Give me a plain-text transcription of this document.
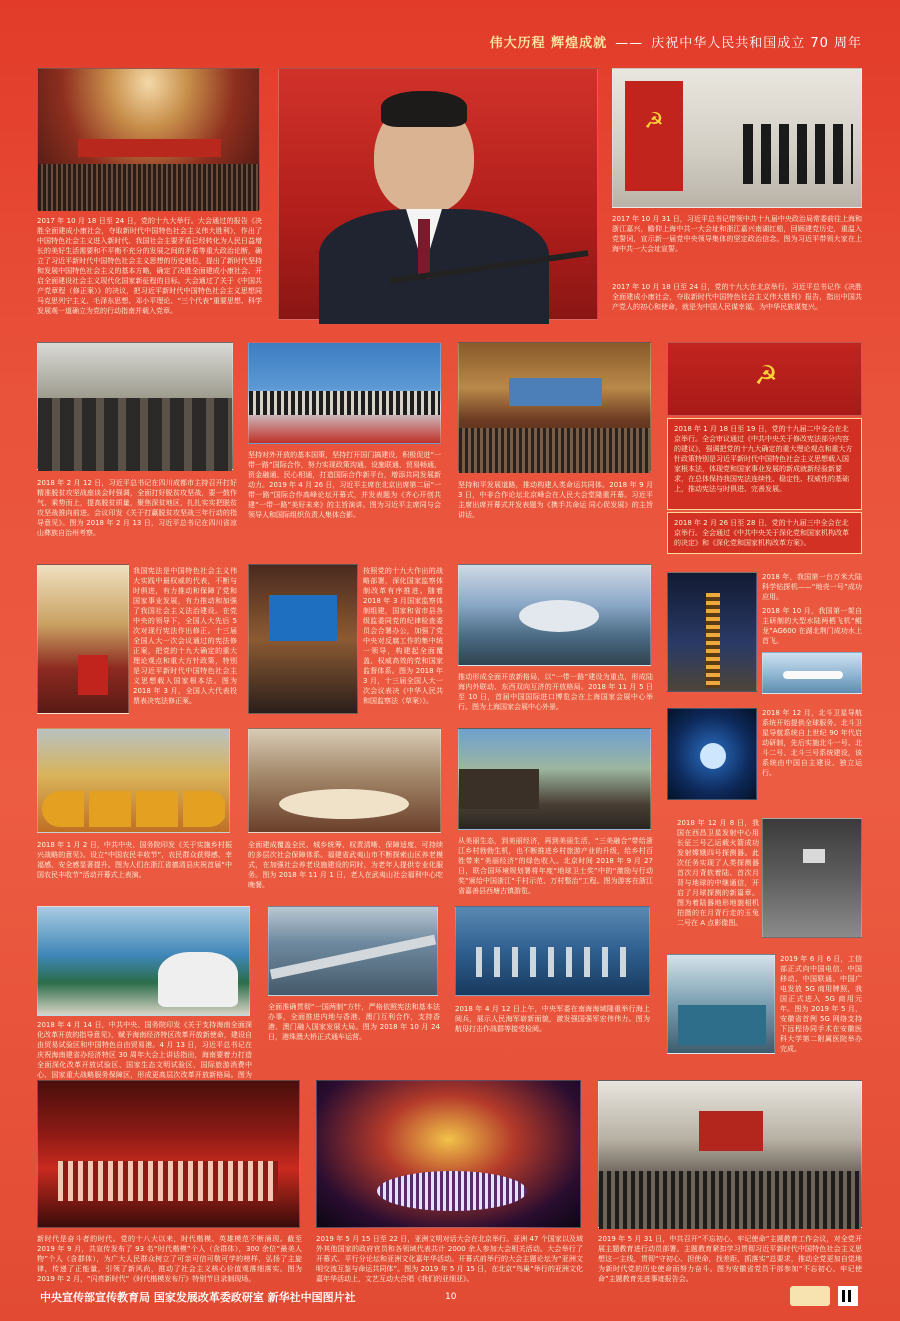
伟大历程 辉煌成就 —— 庆祝中华人民共和国成立 70 周年
2017 年 10 月 18 日至 24 日，党的十九大举行。大会通过的报告《决胜全面建成小康社会，夺取新时代中国特色社会主义伟大胜利》，作出了中国特色社会主义进入新时代、我国社会主要矛盾已经转化为人民日益增长的美好生活需要和不平衡不充分的发展之间的矛盾等重大政治论断，确立了习近平新时代中国特色社会主义思想的历史地位，提出了新时代坚持和发展中国特色社会主义的基本方略，确定了决胜全面建成小康社会、开启全面建设社会主义现代化国家新征程的目标。大会通过了关于《中国共产党章程（修正案）》的决议，把习近平新时代中国特色社会主义思想同马克思列宁主义、毛泽东思想、邓小平理论、“三个代表”重要思想、科学发展观一道确立为党的行动指南并载入党章。
☭
2017 年 10 月 31 日，习近平总书记带领中共十九届中央政治局常委前往上海和浙江嘉兴，瞻仰上海中共一大会址和浙江嘉兴南湖红船，回顾建党历史，重温入党誓词，宣示新一届党中央领导集体的坚定政治信念。图为习近平带领大家在上海中共一大会址宣誓。
2017 年 10 月 18 日至 24 日，党的十九大在北京举行。习近平总书记作《决胜全面建成小康社会，夺取新时代中国特色社会主义伟大胜利》报告，指出中国共产党人的初心和使命，就是为中国人民谋幸福，为中华民族谋复兴。
2018 年 2 月 12 日，习近平总书记在四川成都市主持召开打好精准脱贫攻坚战座谈会时强调，全面打好脱贫攻坚战，要一鼓作气、乘势而上，提高脱贫质量，聚焦深贫地区，扎扎实实把脱贫攻坚战推向前进。会议印发《关于打赢脱贫攻坚战三年行动的指导意见》。图为 2018 年 2 月 13 日，习近平总书记在四川省凉山彝族自治州考察。
坚持对外开放的基本国策，坚持打开国门搞建设，积极促进“一带一路”国际合作，努力实现政策沟通、设施联通、贸易畅通、资金融通、民心相通，打造国际合作新平台，增添共同发展新动力。2019 年 4 月 26 日，习近平主席在北京出席第二届“一带一路”国际合作高峰论坛开幕式，并发表题为《齐心开创共建“一带一路”美好未来》的主旨演讲。图为习近平主席同与会领导人和国际组织负责人集体合影。
坚持和平发展道路，推动构建人类命运共同体。2018 年 9 月 3 日，中非合作论坛北京峰会在人民大会堂隆重开幕。习近平主席出席开幕式并发表题为《携手共命运 同心促发展》的主旨讲话。
☭
2018 年 1 月 18 日至 19 日，党的十九届二中全会在北京举行。全会审议通过《中共中央关于修改宪法部分内容的建议》，强调把党的十九大确定的重大理论观点和重大方针政策特别是习近平新时代中国特色社会主义思想载入国家根本法，体现党和国家事业发展的新成就新经验新要求，在总体保持我国宪法连续性、稳定性、权威性的基础上，推动宪法与时俱进、完善发展。
2018 年 2 月 26 日至 28 日，党的十九届三中全会在北京举行。全会通过《中共中央关于深化党和国家机构改革的决定》和《深化党和国家机构改革方案》。
我国宪法是中国特色社会主义伟大实践中最权威的代表，不断与时俱进，有力推动和保障了党和国家事业发展，有力推动和加强了我国社会主义法治建设。在党中央的领导下，全国人大先后 5 次对现行宪法作出修正。十三届全国人大一次会议通过的宪法修正案，把党的十九大确定的重大理论观点和重大方针政策，特别是习近平新时代中国特色社会主义思想载入国家根本法。图为 2018 年 3 月，全国人大代表投票表决宪法修正案。
按照党的十九大作出的战略部署，深化国家监察体制改革有序推进。随着 2018 年 3 月国家监察体制组建，国家和省市县各级监委同党的纪律检查委员会合署办公，加强了党中央对反腐工作的集中统一领导，构建起全面覆盖、权威高效的党和国家监督体系。图为 2018 年 3 月，十三届全国人大一次会议表决《中华人民共和国监察法（草案）》。
推动形成全面开放新格局，以“一带一路”建设为重点，形成陆海内外联动、东西双向互济的开放格局。2018 年 11 月 5 日至 10 日，首届中国国际进口博览会在上海国家会展中心举行。图为上海国家会展中心外景。
2018 年，我国第一台万米大陆科学钻探机——“地壳一号”成功应用。
2018 年 10 月，我国第一架自主研制的大型水陆两栖飞机“鲲龙”AG600 在湖北荆门成功水上首飞。
2018 年 1 月 2 日，中共中央、国务院印发《关于实施乡村振兴战略的意见》。设立“中国农民丰收节”，农民群众获得感、幸福感、安全感显著提升。图为人们在浙江省德清县庆祝首届“中国农民丰收节”活动开幕式上表演。
全面建成覆盖全民、城乡统筹、权责清晰、保障适度、可持续的多层次社会保障体系。福建省武夷山市不断探索山区养老模式，在加强社会养老设施建设的同时，为老年人提供专业化服务。图为 2018 年 11 月 1 日，老人在武夷山社会福利中心吃晚餐。
从美丽生态，到美丽经济，再到美丽生活，“三美融合”带给浙江乡村勃勃生机，也不断推进乡村旅游产业的升级，给乡村百姓带来“美丽经济”的绿色收入。北京时间 2018 年 9 月 27 日，联合国环境规划署将年度“地球卫士奖”中的“激励与行动奖”颁给中国浙江“千村示范、万村整治”工程。图为游客在浙江省嘉善县西塘古镇游览。
2018 年 12 月，北斗卫星导航系统开始提供全球服务。北斗卫星导航系统自上世纪 90 年代启动研制，先后实施北斗一号、北斗二号、北斗三号系统建设，该系统由中国自主建设、独立运行。
2018 年 12 月 8 日，我国在西昌卫星发射中心用长征三号乙运载火箭成功发射嫦娥四号探测器。此次任务实现了人类探测器首次月背软着陆、首次月背与地球的中继通信，开启了月球探测的新篇章。图为着陆器地形地貌相机拍摄的在月背行走的玉兔二号在 A 点影像图。
2018 年 4 月 14 日，中共中央、国务院印发《关于支持海南全面深化改革开放的指导意见》，赋予海南经济特区改革开放新使命，建设自由贸易试验区和中国特色自由贸易港。4 月 13 日，习近平总书记在庆祝海南建省办经济特区 30 周年大会上讲话指出，海南要着力打造全面深化改革开放试验区、国家生态文明试验区、国际旅游消费中心、国家重大战略服务保障区，形成更高层次改革开放新格局。图为
全面准确贯彻“一国两制”方针，严格依照宪法和基本法办事，全面推进内地与香港、澳门互利合作，支持香港、澳门融入国家发展大局。图为 2018 年 10 月 24 日，港珠澳大桥正式通车运营。
2018 年 4 月 12 日上午，中央军委在南海海域隆重举行海上阅兵，展示人民海军崭新面貌，激发强国强军宏伟伟力。图为航母打击作战群等接受检阅。
2019 年 6 月 6 日，工信部正式向中国电信、中国移动、中国联通、中国广电发放 5G 商用牌照，我国正式进入 5G 商用元年。图为 2019 年 5 月，安徽省首例 5G 网络支持下远程协同手术在安徽医科大学第二附属医院举办完成。
新时代是奋斗者的时代。党的十八大以来，时代楷模、英雄模范不断涌现。截至 2019 年 9 月，共宣传发布了 93 名“时代楷模”个人（含群体），300 余位“最美人物”个人（含群体），为广大人民群众树立了可亲可信可敬可学的榜样，弘扬了主旋律，传递了正能量，引领了新风尚，推动了社会主义核心价值观落细落实。图为 2019 年 2 月，“闪亮新时代”《时代楷模发布厅》特别节目录制现场。
2019 年 5 月 15 日至 22 日，亚洲文明对话大会在北京举行。亚洲 47 个国家以及域外其他国家的政府官员和各领域代表共计 2000 余人参加大会相关活动。大会举行了开幕式、平行分论坛和亚洲文化嘉年华活动。开幕式前举行的大会主题论坛为“亚洲文明交流互鉴与命运共同体”。图为 2019 年 5 月 15 日，在北京“鸟巢”举行的亚洲文化嘉年华活动上，文艺互动大合唱《我们的亚细亚》。
2019 年 5 月 31 日，中共召开“不忘初心、牢记使命”主题教育工作会议，对全党开展主题教育进行动员部署。主题教育紧扣学习贯彻习近平新时代中国特色社会主义思想这一主线，贯彻“守初心、担使命，找差距、抓落实”总要求，推动全党更加自觉地为新时代党的历史使命而努力奋斗。图为安徽省党员干部参加“不忘初心、牢记使命”主题教育先进事迹报告会。
中央宣传部宣传教育局 国家发展改革委政研室 新华社中国图片社	10
